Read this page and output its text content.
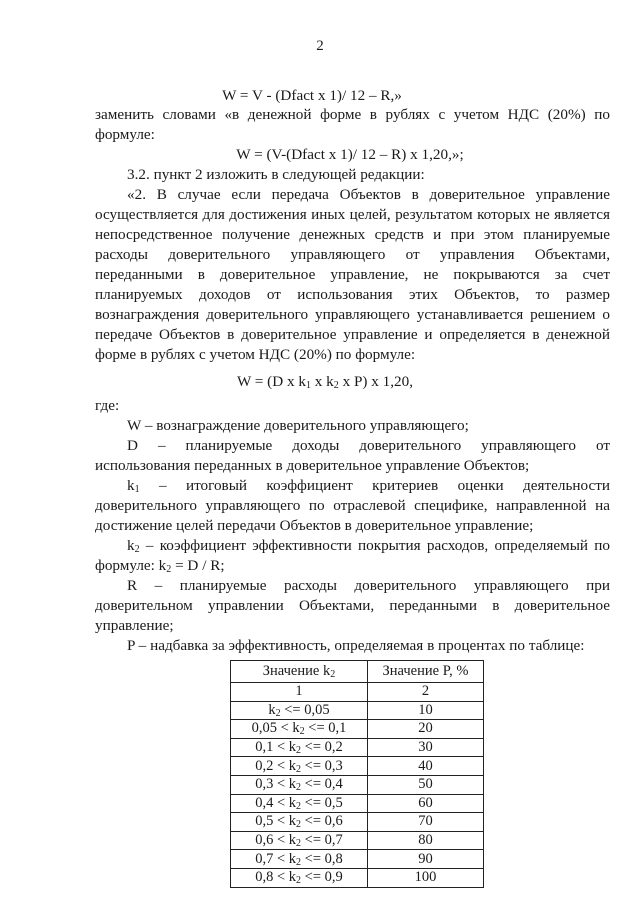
2
W = V - (Dfact x 1)/ 12 – R,»
заменить словами «в денежной форме в рублях с учетом НДС (20%) по
формуле:
W = (V-(Dfact x 1)/ 12 – R) x 1,20,»;
3.2. пункт 2 изложить в следующей редакции:
«2. В случае если передача Объектов в доверительное управление
осуществляется для достижения иных целей, результатом которых не является
непосредственное получение денежных средств и при этом планируемые
расходы доверительного управляющего от управления Объектами,
переданными в доверительное управление, не покрываются за счет
планируемых доходов от использования этих Объектов, то размер
вознаграждения доверительного управляющего устанавливается решением о
передаче Объектов в доверительное управление и определяется в денежной
форме в рублях с учетом НДС (20%) по формуле:
W = (D x $k_1$ x $k_2$ x P) x 1,20,
где:
W – вознаграждение доверительного управляющего;
D – планируемые доходы доверительного управляющего от
использования переданных в доверительное управление Объектов;
$k_1$ – итоговый коэффициент критериев оценки деятельности
доверительного управляющего по отраслевой специфике, направленной на
достижение целей передачи Объектов в доверительное управление;
$k_2$ – коэффициент эффективности покрытия расходов, определяемый по
формуле: $k_2 = D / R$;
R – планируемые расходы доверительного управляющего при
доверительном управлении Объектами, переданными в доверительное
управление;
P – надбавка за эффективность, определяемая в процентах по таблице:
Значение $k_2$	Значение P, %
1	2
$k_2 <= 0,05$	10
$0,05 < k_2 <= 0,1$	20
$0,1 < k_2 <= 0,2$	30
$0,2 < k_2 <= 0,3$	40
$0,3 < k_2 <= 0,4$	50
$0,4 < k_2 <= 0,5$	60
$0,5 < k_2 <= 0,6$	70
$0,6 < k_2 <= 0,7$	80
$0,7 < k_2 <= 0,8$	90
$0,8 < k_2 <= 0,9$	100
